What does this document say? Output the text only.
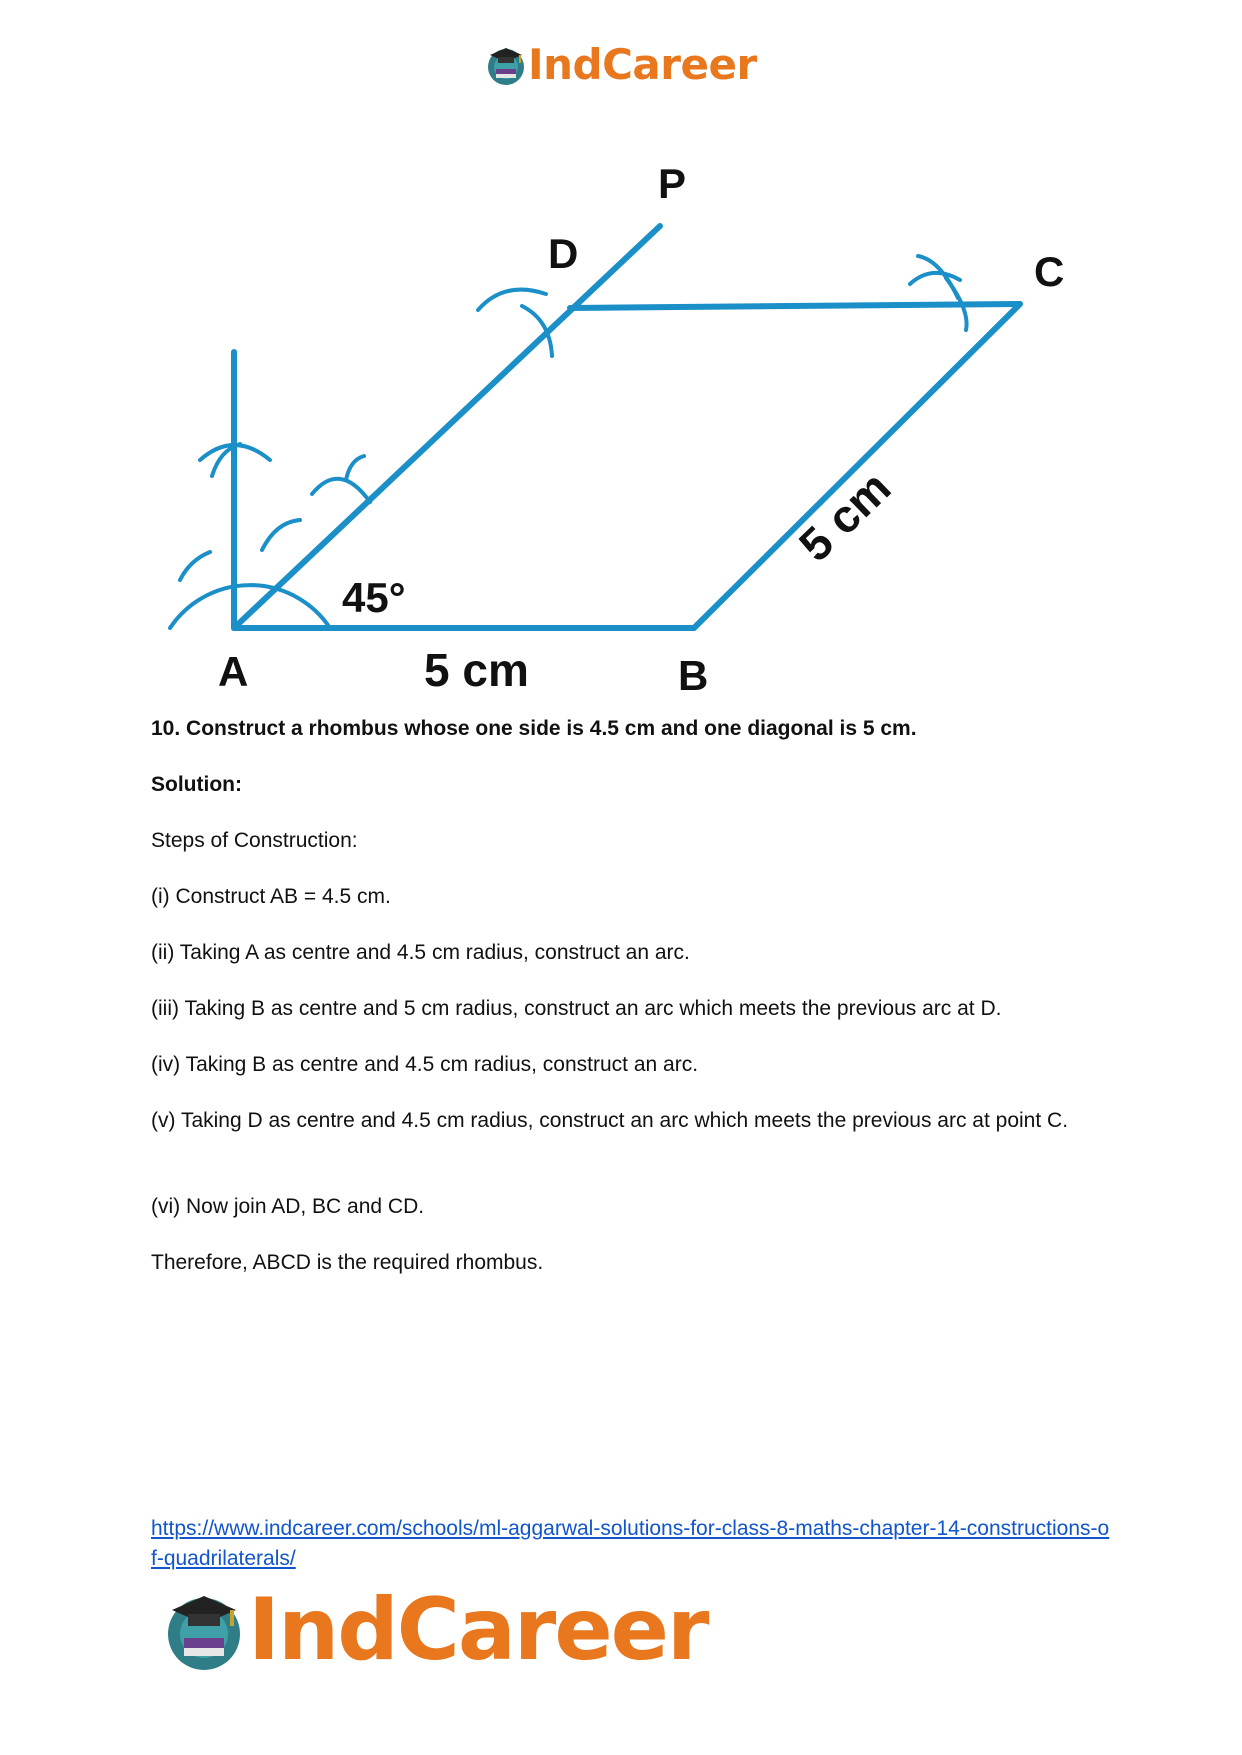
IndCareer
P
D	C
A	B
45°
5 cm
5 cm
10. Construct a rhombus whose one side is 4.5 cm and one diagonal is 5 cm.
Solution:
Steps of Construction:
(i) Construct AB = 4.5 cm.
(ii) Taking A as centre and 4.5 cm radius, construct an arc.
(iii) Taking B as centre and 5 cm radius, construct an arc which meets the previous arc at D.
(iv) Taking B as centre and 4.5 cm radius, construct an arc.
(v) Taking D as centre and 4.5 cm radius, construct an arc which meets the previous arc at point C.
(vi) Now join AD, BC and CD.
Therefore, ABCD is the required rhombus.
https://www.indcareer.com/schools/ml-aggarwal-solutions-for-class-8-maths-chapter-14-constructions-of-quadrilaterals/
IndCareer
